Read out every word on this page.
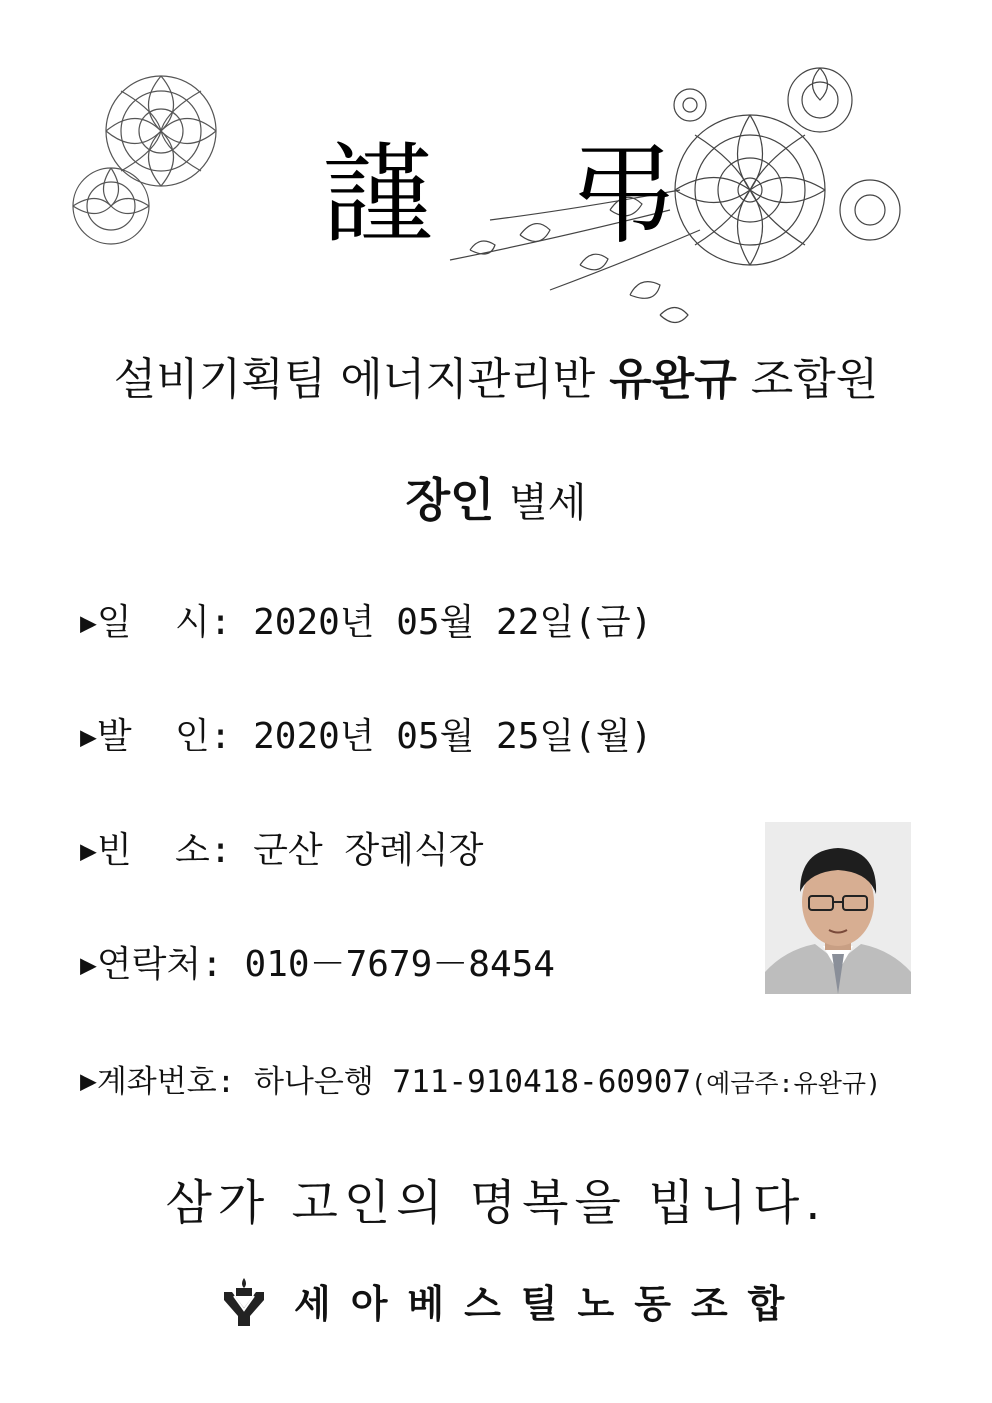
謹 弔
설비기획팀 에너지관리반 유완규 조합원
장인 별세
▶일  시: 2020년 05월 22일(금)
▶발  인: 2020년 05월 25일(월)
▶빈  소: 군산 장례식장
▶연락처: 010－7679－8454
▶계좌번호: 하나은행 711-910418-60907(예금주:유완규)
삼가 고인의 명복을 빕니다.
세아베스틸노동조합
